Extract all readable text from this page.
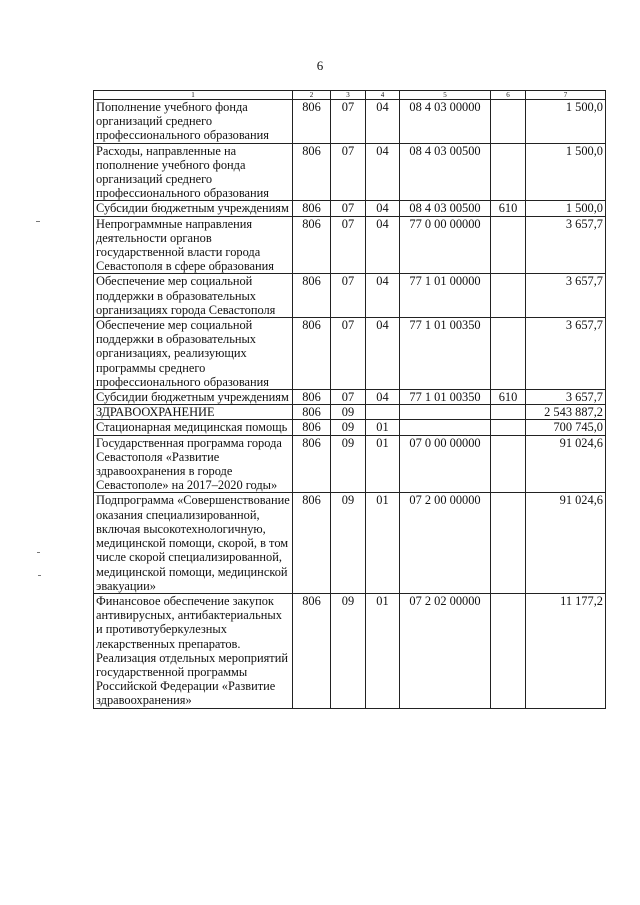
6
1	2	3	4	5	6	7
Пополнение учебного фонда организаций среднего профессионального образования	806	07	04	08 4 03 00000		1 500,0
Расходы, направленные на пополнение учебного фонда организаций среднего профессионального образования	806	07	04	08 4 03 00500		1 500,0
Субсидии бюджетным учреждениям	806	07	04	08 4 03 00500	610	1 500,0
Непрограммные направления деятельности органов государственной власти города Севастополя в сфере образования	806	07	04	77 0 00 00000		3 657,7
Обеспечение мер социальной поддержки в образовательных организациях города Севастополя	806	07	04	77 1 01 00000		3 657,7
Обеспечение мер социальной поддержки в образовательных организациях, реализующих программы среднего профессионального образования	806	07	04	77 1 01 00350		3 657,7
Субсидии бюджетным учреждениям	806	07	04	77 1 01 00350	610	3 657,7
ЗДРАВООХРАНЕНИЕ	806	09				2 543 887,2
Стационарная медицинская помощь	806	09	01			700 745,0
Государственная программа города Севастополя «Развитие здравоохранения в городе Севастополе» на 2017–2020 годы»	806	09	01	07 0 00 00000		91 024,6
Подпрограмма «Совершенствование оказания специализированной, включая высокотехнологичную, медицинской помощи, скорой, в том числе скорой специализированной, медицинской помощи, медицинской эвакуации»	806	09	01	07 2 00 00000		91 024,6
Финансовое обеспечение закупок антивирусных, антибактериальных и противотуберкулезных лекарственных препаратов. Реализация отдельных мероприятий государственной программы Российской Федерации «Развитие здравоохранения»	806	09	01	07 2 02 00000		11 177,2
